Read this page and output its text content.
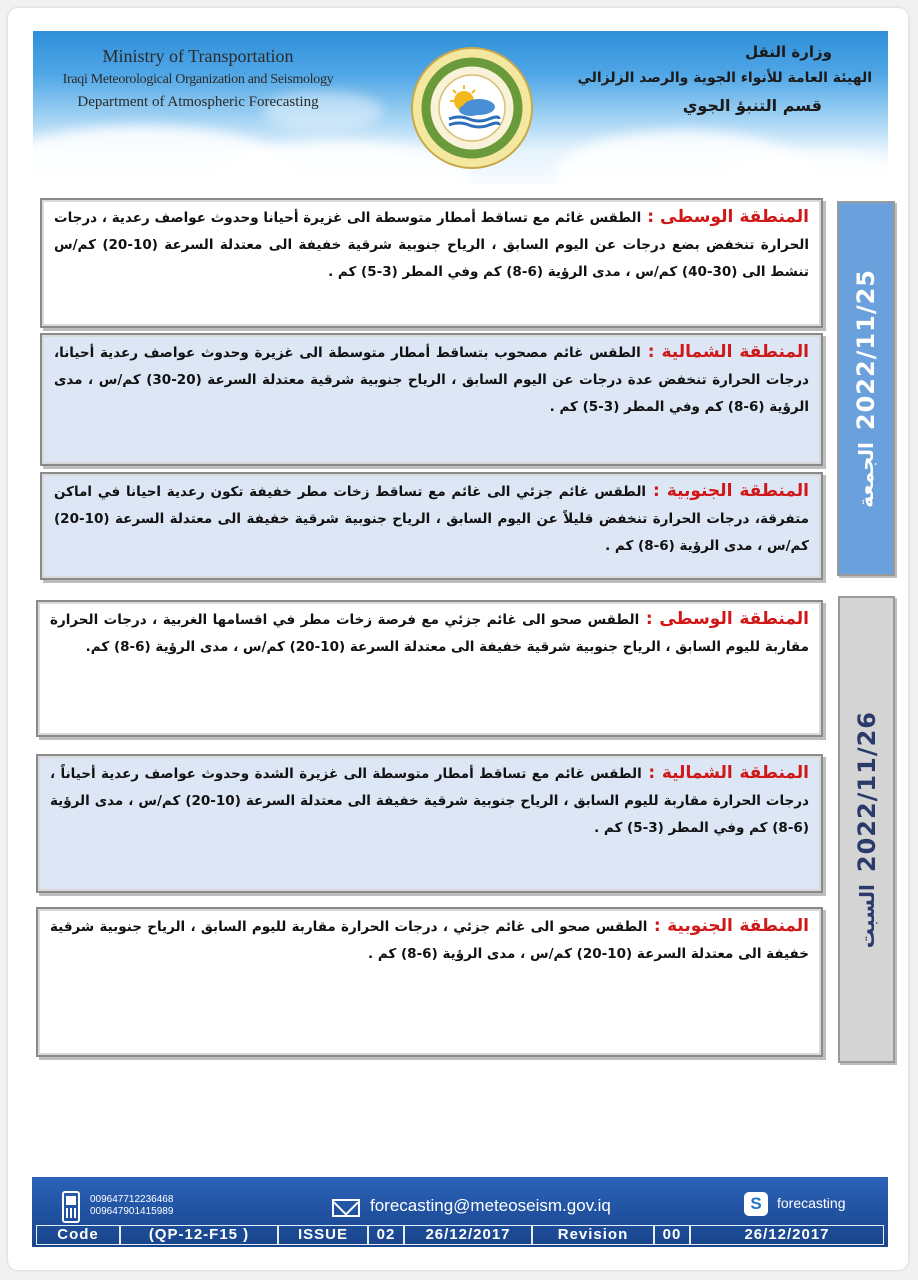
Ministry of Transportation
Iraqi Meteorological Organization and Seismology
Department of Atmospheric Forecasting
وزارة النقل
الهيئة العامة للأنواء الجوية والرصد الزلزالي
قسم التنبؤ الجوي
المنطقة الوسطى : الطقس غائم مع تساقط أمطار متوسطة الى غزيرة أحيانا وحدوث عواصف رعدية ، درجات الحرارة تنخفض بضع درجات عن اليوم السابق ، الرياح جنوبية شرقية خفيفة الى معتدلة السرعة (10-20) كم/س تنشط الى (30-40) كم/س ، مدى الرؤية (6-8) كم وفي المطر (3-5) كم .
المنطقة الشمالية : الطقس غائم مصحوب بتساقط أمطار متوسطة الى غزيرة وحدوث عواصف رعدية أحيانا، درجات الحرارة تنخفض عدة درجات عن اليوم السابق ، الرياح جنوبية شرقية معتدلة السرعة (20-30) كم/س ، مدى الرؤية (6-8) كم وفي المطر (3-5) كم .
المنطقة الجنوبية : الطقس غائم جزئي الى غائم مع تساقط زخات مطر خفيفة تكون رعدية احيانا في اماكن متفرقة، درجات الحرارة تنخفض قليلاً عن اليوم السابق ، الرياح جنوبية شرقية خفيفة الى معتدلة السرعة (10-20) كم/س ، مدى الرؤية (6-8) كم .
الجمعة2022/11/25
المنطقة الوسطى : الطقس صحو الى غائم جزئي مع فرصة زخات مطر في اقسامها الغربية ، درجات الحرارة مقاربة لليوم السابق ، الرياح جنوبية شرقية خفيفة الى معتدلة السرعة (10-20) كم/س ، مدى الرؤية (6-8) كم.
المنطقة الشمالية : الطقس غائم مع تساقط أمطار متوسطة الى غزيرة الشدة وحدوث عواصف رعدية أحياناً ، درجات الحرارة مقاربة لليوم السابق ، الرياح جنوبية شرقية خفيفة الى معتدلة السرعة (10-20) كم/س ، مدى الرؤية (6-8) كم وفي المطر (3-5) كم .
المنطقة الجنوبية : الطقس صحو الى غائم جزئي ، درجات الحرارة مقاربة لليوم السابق ، الرياح جنوبية شرقية خفيفة الى معتدلة السرعة (10-20) كم/س ، مدى الرؤية (6-8) كم .
السبت2022/11/26
009647712236468
009647901415989	forecasting@meteoseism.gov.iq	S	forecasting
Code	(QP-12-F15 )	ISSUE	02	26/12/2017	Revision	00	26/12/2017
